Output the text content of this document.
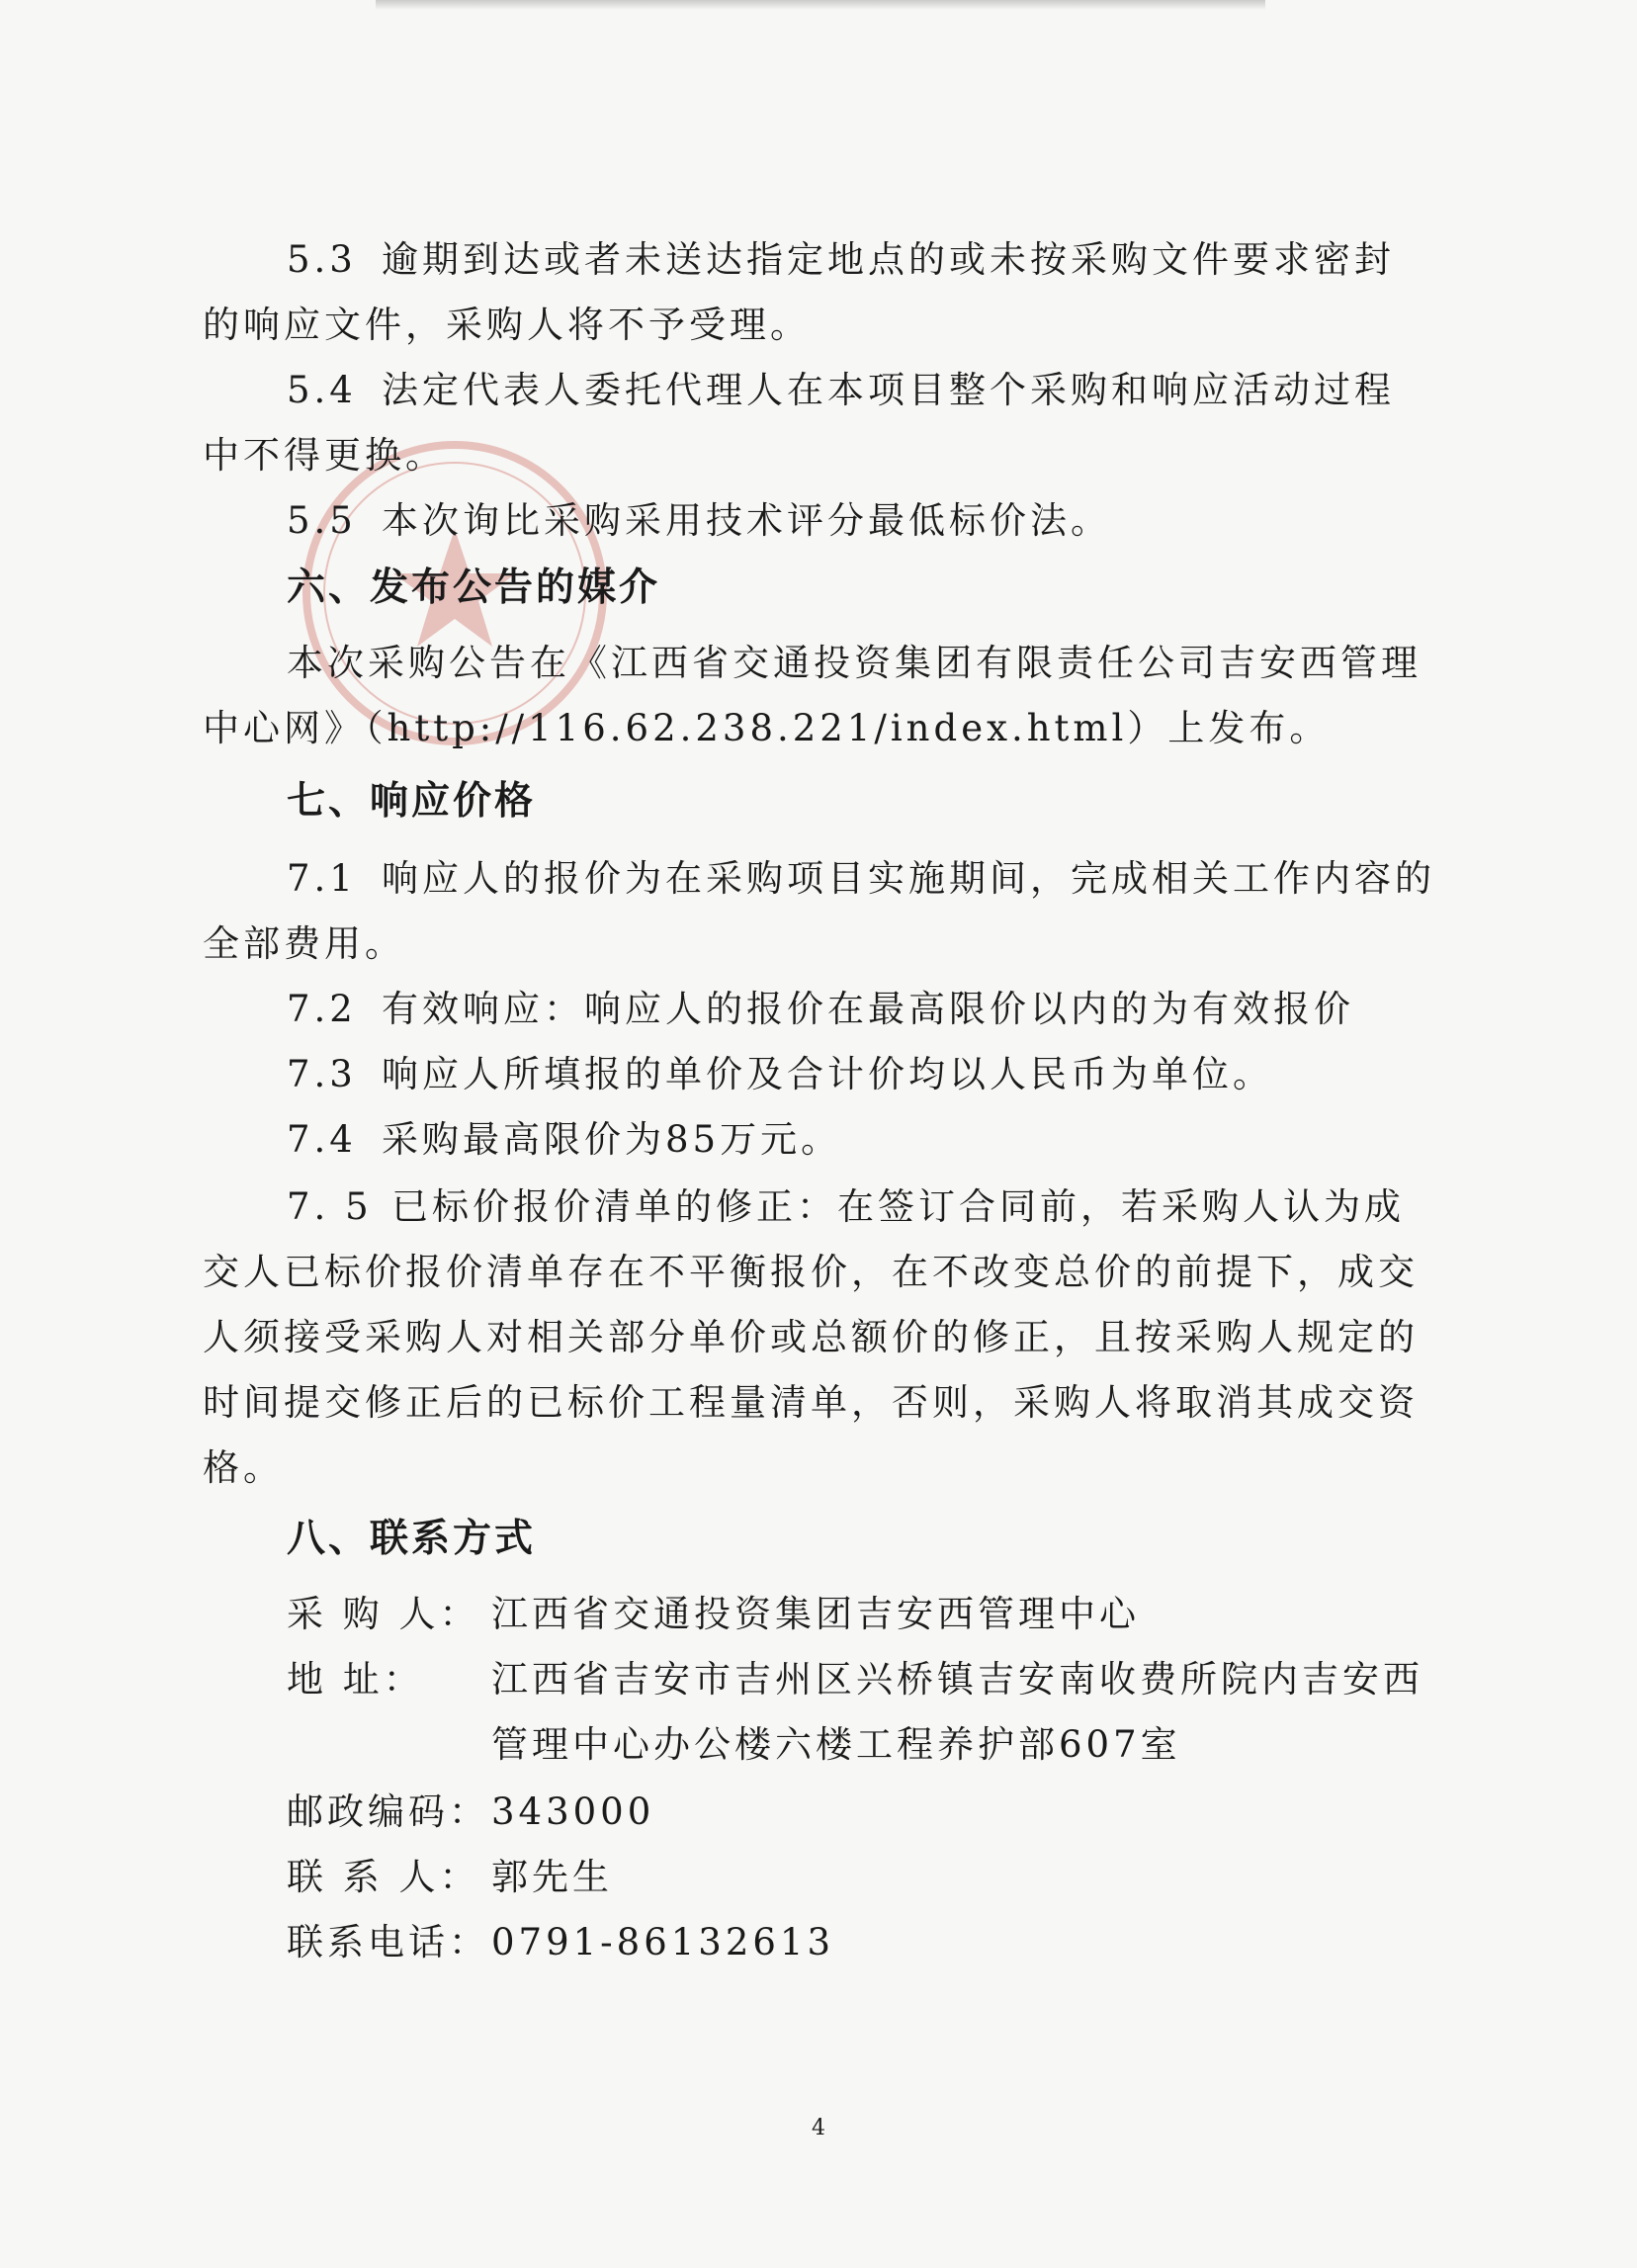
5.3 逾期到达或者未送达指定地点的或未按采购文件要求密封
的响应文件，采购人将不予受理。
5.4 法定代表人委托代理人在本项目整个采购和响应活动过程
中不得更换。
5.5 本次询比采购采用技术评分最低标价法。
六、发布公告的媒介
本次采购公告在《江西省交通投资集团有限责任公司吉安西管理
中心网》（http://116.62.238.221/index.html）上发布。
七、响应价格
7.1 响应人的报价为在采购项目实施期间，完成相关工作内容的
全部费用。
7.2 有效响应：响应人的报价在最高限价以内的为有效报价
7.3 响应人所填报的单价及合计价均以人民币为单位。
7.4 采购最高限价为85万元。
7. 5 已标价报价清单的修正：在签订合同前，若采购人认为成
交人已标价报价清单存在不平衡报价，在不改变总价的前提下，成交
人须接受采购人对相关部分单价或总额价的修正，且按采购人规定的
时间提交修正后的已标价工程量清单，否则，采购人将取消其成交资
格。
八、联系方式
采 购 人： 江西省交通投资集团吉安西管理中心
地 址： 江西省吉安市吉州区兴桥镇吉安南收费所院内吉安西
管理中心办公楼六楼工程养护部607室
邮政编码： 343000
联 系 人： 郭先生
联系电话： 0791-86132613
4
